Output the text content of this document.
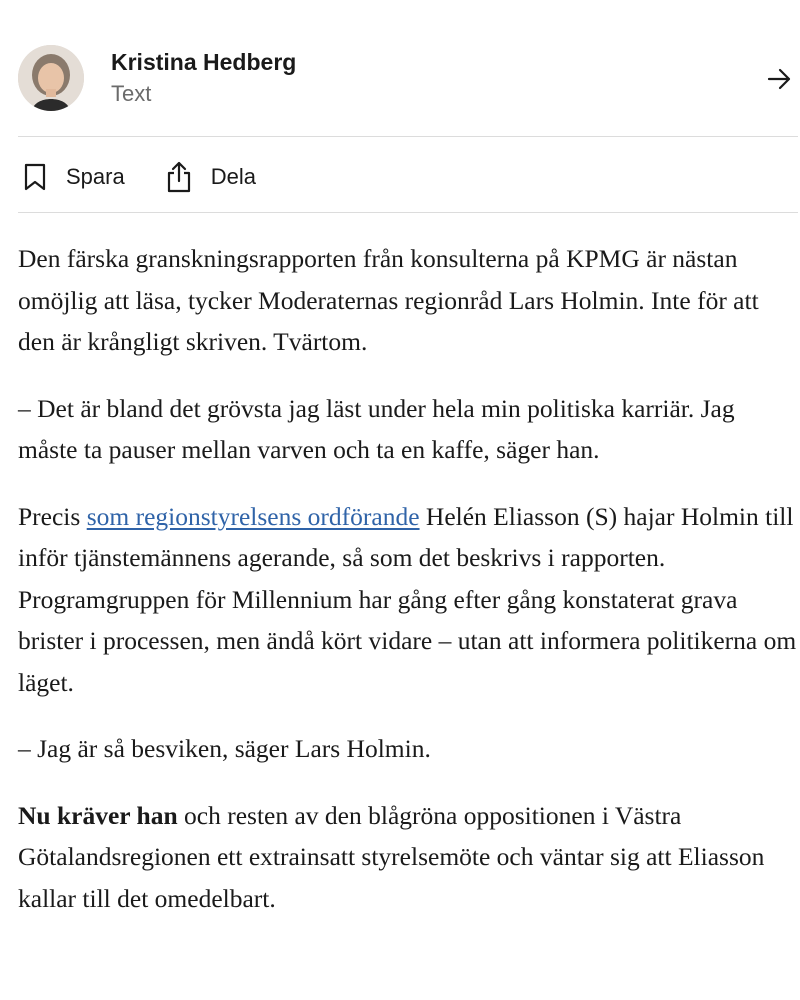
Kristina Hedberg
Text
Spara	Dela

Den färska granskningsrapporten från konsulterna på KPMG är nästan omöjlig att läsa, tycker Moderaternas regionråd Lars Holmin. Inte för att den är krångligt skriven. Tvärtom.

– Det är bland det grövsta jag läst under hela min politiska karriär. Jag måste ta pauser mellan varven och ta en kaffe, säger han.

Precis som regionstyrelsens ordförande Helén Eliasson (S) hajar Holmin till inför tjänstemännens agerande, så som det beskrivs i rapporten. Programgruppen för Millennium har gång efter gång konstaterat grava brister i processen, men ändå kört vidare – utan att informera politikerna om läget.

– Jag är så besviken, säger Lars Holmin.

Nu kräver han och resten av den blågröna oppositionen i Västra Götalandsregionen ett extrainsatt styrelsemöte och väntar sig att Eliasson kallar till det omedelbart.
